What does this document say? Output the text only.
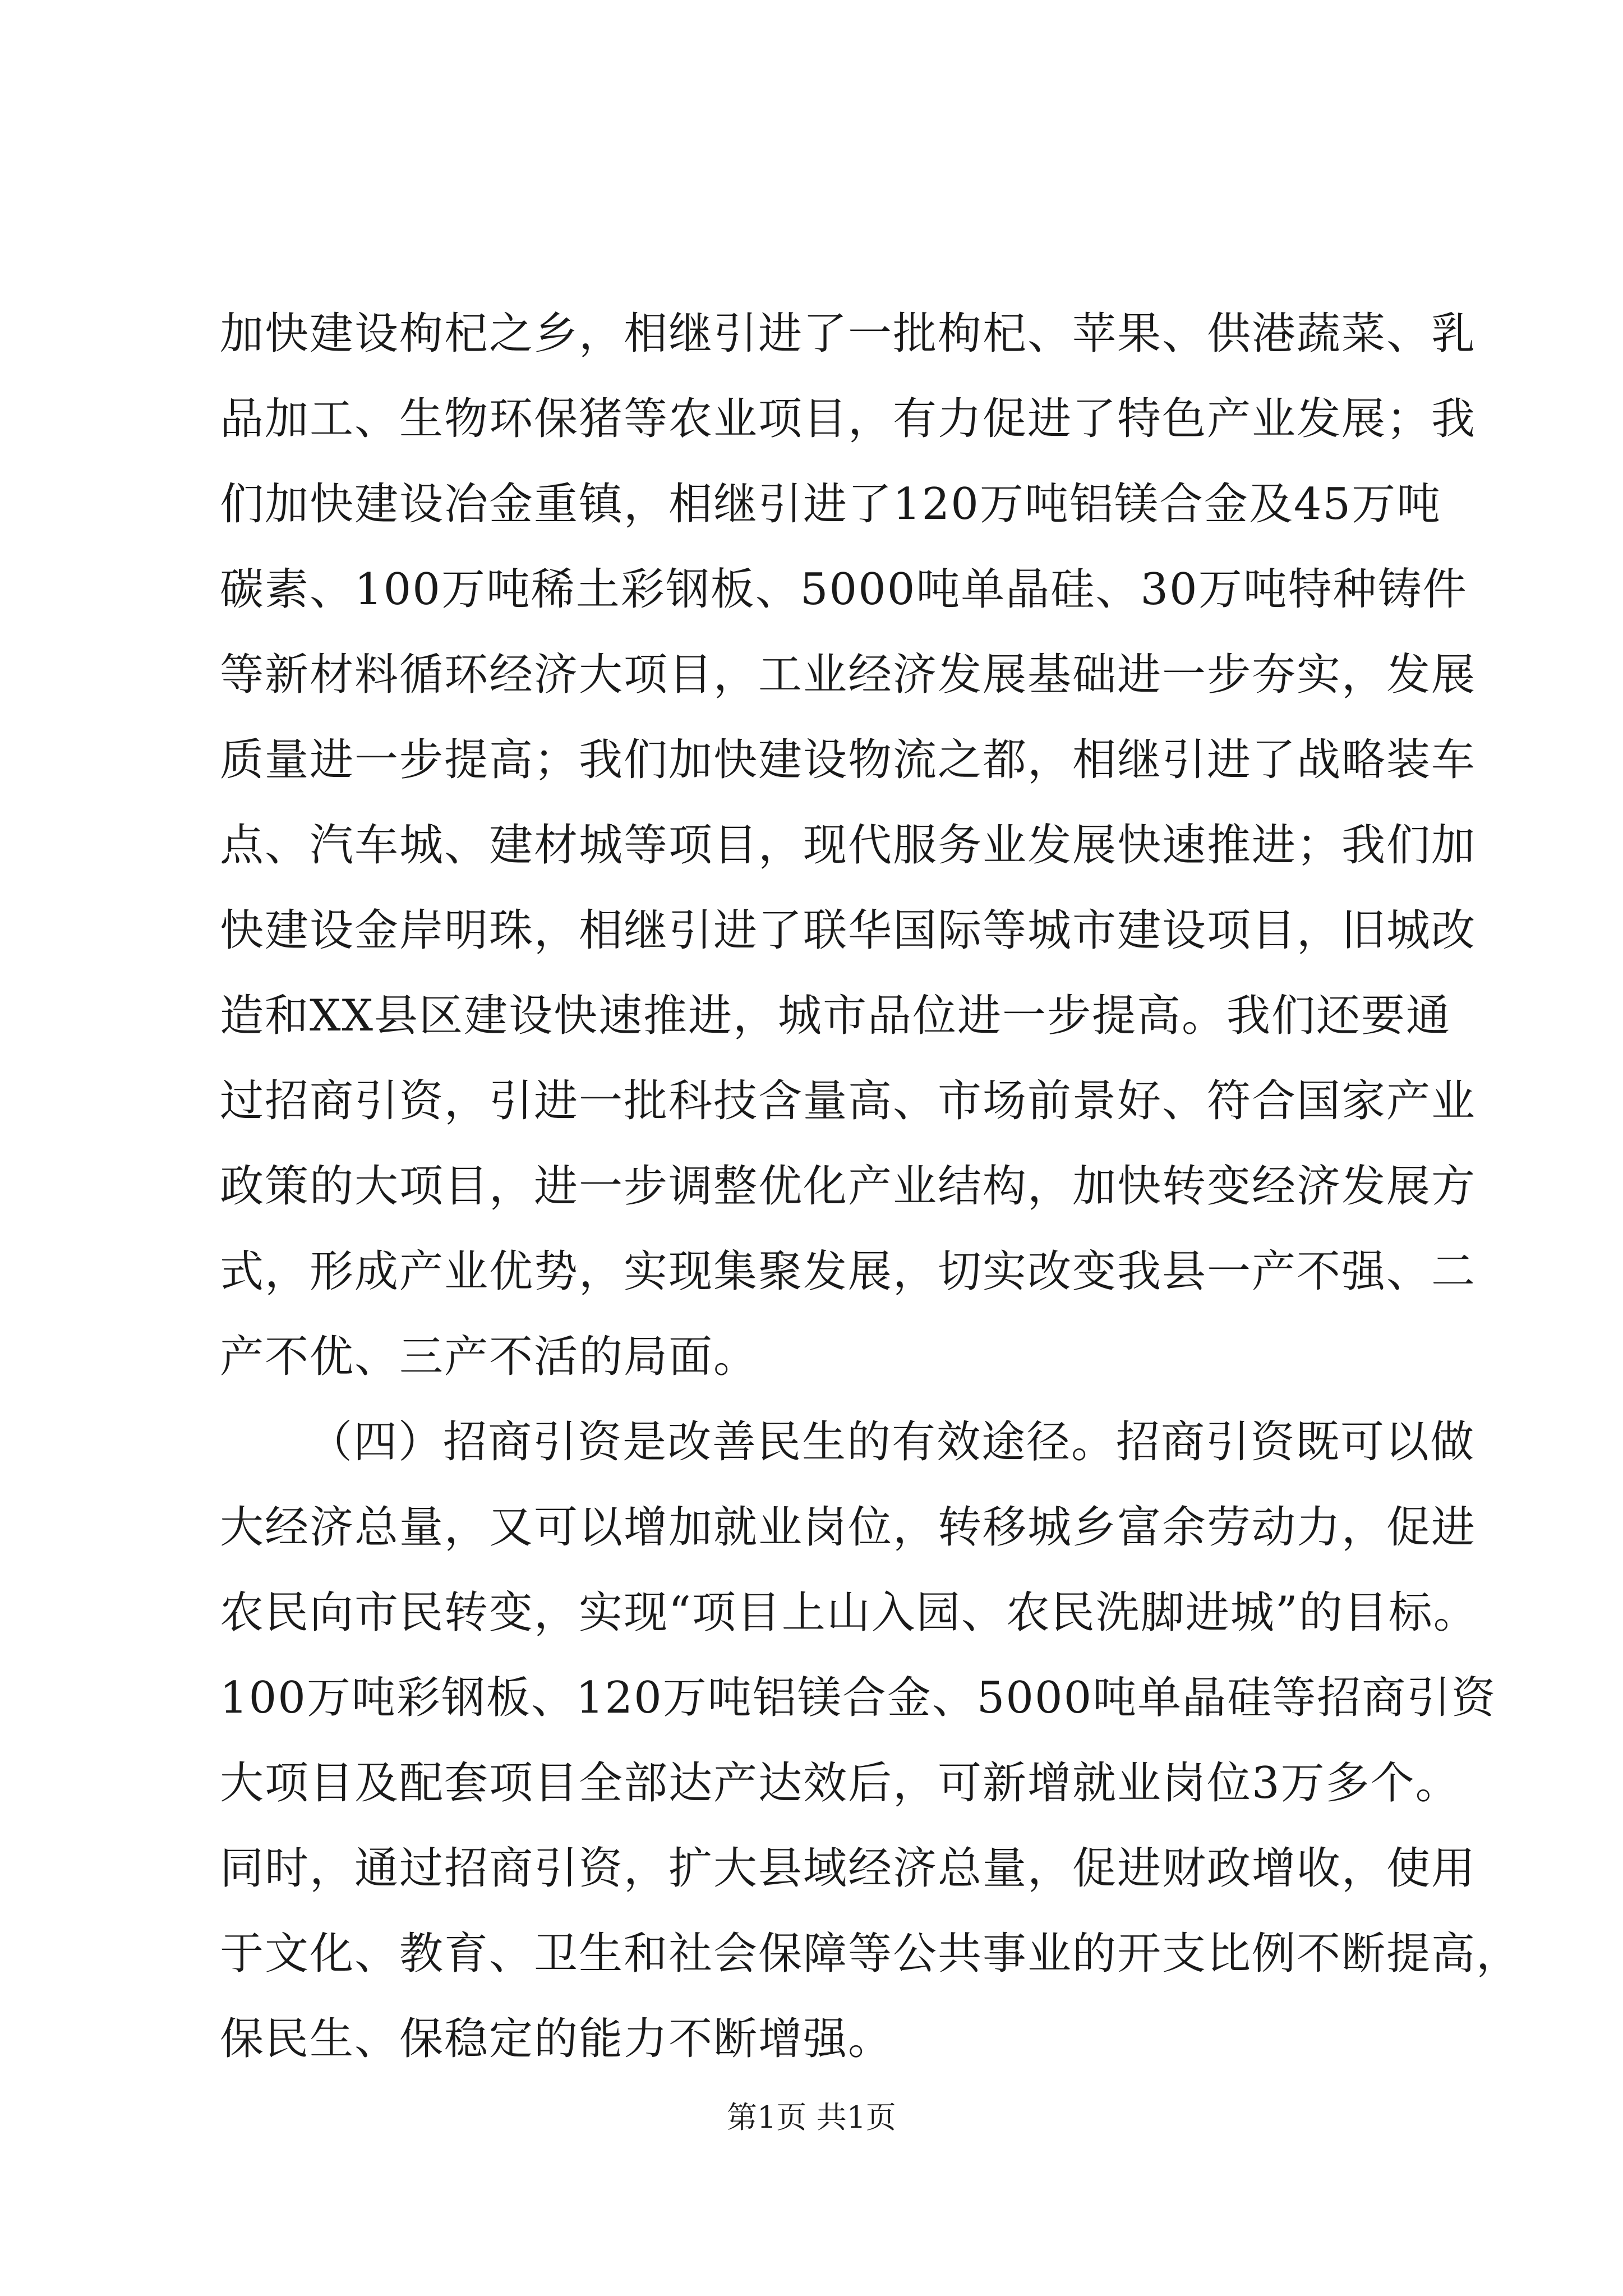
加快建设枸杞之乡，相继引进了一批枸杞、苹果、供港蔬菜、乳
品加工、生物环保猪等农业项目，有力促进了特色产业发展；我
们加快建设冶金重镇，相继引进了120万吨铝镁合金及45万吨
碳素、100万吨稀土彩钢板、5000吨单晶硅、30万吨特种铸件
等新材料循环经济大项目，工业经济发展基础进一步夯实，发展
质量进一步提高；我们加快建设物流之都，相继引进了战略装车
点、汽车城、建材城等项目，现代服务业发展快速推进；我们加
快建设金岸明珠，相继引进了联华国际等城市建设项目，旧城改
造和XX县区建设快速推进，城市品位进一步提高。我们还要通
过招商引资，引进一批科技含量高、市场前景好、符合国家产业
政策的大项目，进一步调整优化产业结构，加快转变经济发展方
式，形成产业优势，实现集聚发展，切实改变我县一产不强、二
产不优、三产不活的局面。
（四）招商引资是改善民生的有效途径。招商引资既可以做
大经济总量，又可以增加就业岗位，转移城乡富余劳动力，促进
农民向市民转变，实现“项目上山入园、农民洗脚进城”的目标。
100万吨彩钢板、120万吨铝镁合金、5000吨单晶硅等招商引资
大项目及配套项目全部达产达效后，可新增就业岗位3万多个。
同时，通过招商引资，扩大县域经济总量，促进财政增收，使用
于文化、教育、卫生和社会保障等公共事业的开支比例不断提高，
保民生、保稳定的能力不断增强。
第1页 共1页
